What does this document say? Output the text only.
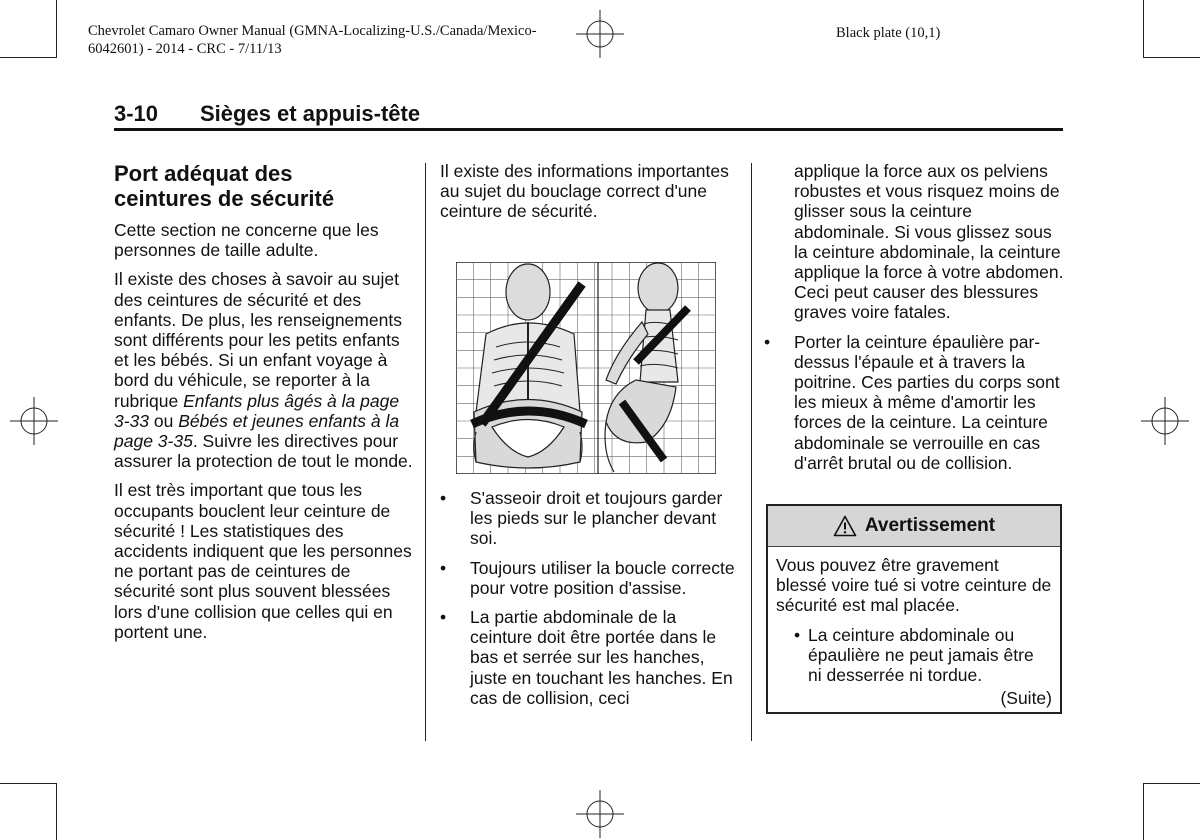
Chevrolet Camaro Owner Manual (GMNA-Localizing-U.S./Canada/Mexico-
6042601) - 2014 - CRC - 7/11/13
Black plate (10,1)
3-10 Sièges et appuis-tête
Port adéquat des
ceintures de sécurité

Cette section ne concerne que les personnes de taille adulte.

Il existe des choses à savoir au sujet des ceintures de sécurité et des enfants. De plus, les renseignements sont différents pour les petits enfants et les bébés. Si un enfant voyage à bord du véhicule, se reporter à la rubrique Enfants plus âgés à la page 3-33 ou Bébés et jeunes enfants à la page 3-35. Suivre les directives pour assurer la protection de tout le monde.

Il est très important que tous les occupants bouclent leur ceinture de sécurité ! Les statistiques des accidents indiquent que les personnes ne portant pas de ceintures de sécurité sont plus souvent blessées lors d'une collision que celles qui en portent une.

Il existe des informations importantes au sujet du bouclage correct d'une ceinture de sécurité.

• S'asseoir droit et toujours garder les pieds sur le plancher devant soi.
• Toujours utiliser la boucle correcte pour votre position d'assise.
• La partie abdominale de la ceinture doit être portée dans le bas et serrée sur les hanches, juste en touchant les hanches. En cas de collision, ceci
applique la force aux os pelviens robustes et vous risquez moins de glisser sous la ceinture abdominale. Si vous glissez sous la ceinture abdominale, la ceinture applique la force à votre abdomen. Ceci peut causer des blessures graves voire fatales.
• Porter la ceinture épaulière par-dessus l'épaule et à travers la poitrine. Ces parties du corps sont les mieux à même d'amortir les forces de la ceinture. La ceinture abdominale se verrouille en cas d'arrêt brutal ou de collision.
Avertissement

Vous pouvez être gravement blessé voire tué si votre ceinture de sécurité est mal placée.

• La ceinture abdominale ou épaulière ne peut jamais être ni desserrée ni tordue.
(Suite)
